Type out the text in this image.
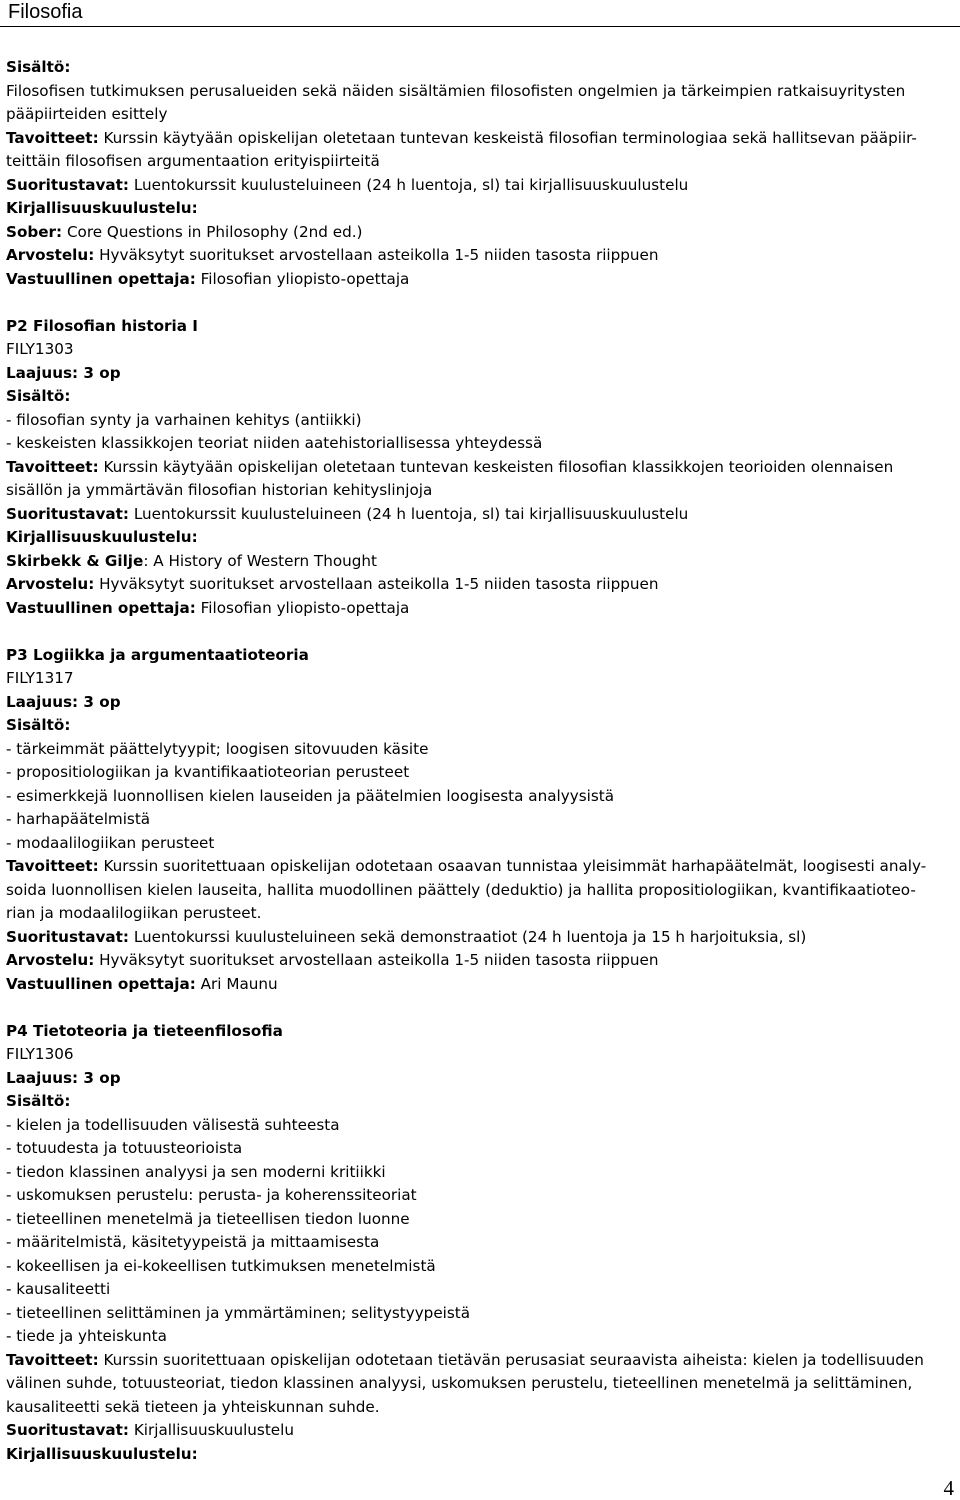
Filosofia
Sisältö:
Filosofisen tutkimuksen perusalueiden sekä näiden sisältämien filosofisten ongelmien ja tärkeimpien ratkaisuyritysten
pääpiirteiden esittely
Tavoitteet: Kurssin käytyään opiskelijan oletetaan tuntevan keskeistä filosofian terminologiaa sekä hallitsevan pääpiir-
teittäin filosofisen argumentaation erityispiirteitä
Suoritustavat: Luentokurssit kuulusteluineen (24 h luentoja, sl) tai kirjallisuuskuulustelu
Kirjallisuuskuulustelu:
Sober: Core Questions in Philosophy (2nd ed.)
Arvostelu: Hyväksytyt suoritukset arvostellaan asteikolla 1-5 niiden tasosta riippuen
Vastuullinen opettaja: Filosofian yliopisto-opettaja
P2 Filosofian historia I
FILY1303
Laajuus: 3 op
Sisältö:
- filosofian synty ja varhainen kehitys (antiikki)
- keskeisten klassikkojen teoriat niiden aatehistoriallisessa yhteydessä
Tavoitteet: Kurssin käytyään opiskelijan oletetaan tuntevan keskeisten filosofian klassikkojen teorioiden olennaisen
sisällön ja ymmärtävän filosofian historian kehityslinjoja
Suoritustavat: Luentokurssit kuulusteluineen (24 h luentoja, sl) tai kirjallisuuskuulustelu
Kirjallisuuskuulustelu:
Skirbekk & Gilje: A History of Western Thought
Arvostelu: Hyväksytyt suoritukset arvostellaan asteikolla 1-5 niiden tasosta riippuen
Vastuullinen opettaja: Filosofian yliopisto-opettaja
P3 Logiikka ja argumentaatioteoria
FILY1317
Laajuus: 3 op
Sisältö:
- tärkeimmät päättelytyypit; loogisen sitovuuden käsite
- propositiologiikan ja kvantifikaatioteorian perusteet
- esimerkkejä luonnollisen kielen lauseiden ja päätelmien loogisesta analyysistä
- harhapäätelmistä
- modaalilogiikan perusteet
Tavoitteet: Kurssin suoritettuaan opiskelijan odotetaan osaavan tunnistaa yleisimmät harhapäätelmät, loogisesti analy-
soida luonnollisen kielen lauseita, hallita muodollinen päättely (deduktio) ja hallita propositiologiikan, kvantifikaatioteo-
rian ja modaalilogiikan perusteet.
Suoritustavat: Luentokurssi kuulusteluineen sekä demonstraatiot (24 h luentoja ja 15 h harjoituksia, sl)
Arvostelu: Hyväksytyt suoritukset arvostellaan asteikolla 1-5 niiden tasosta riippuen
Vastuullinen opettaja: Ari Maunu
P4 Tietoteoria ja tieteenfilosofia
FILY1306
Laajuus: 3 op
Sisältö:
- kielen ja todellisuuden välisestä suhteesta
- totuudesta ja totuusteorioista
- tiedon klassinen analyysi ja sen moderni kritiikki
- uskomuksen perustelu: perusta- ja koherenssiteoriat
- tieteellinen menetelmä ja tieteellisen tiedon luonne
- määritelmistä, käsitetyypeistä ja mittaamisesta
- kokeellisen ja ei-kokeellisen tutkimuksen menetelmistä
- kausaliteetti
- tieteellinen selittäminen ja ymmärtäminen; selitystyypeistä
- tiede ja yhteiskunta
Tavoitteet: Kurssin suoritettuaan opiskelijan odotetaan tietävän perusasiat seuraavista aiheista: kielen ja todellisuuden
välinen suhde, totuusteoriat, tiedon klassinen analyysi, uskomuksen perustelu, tieteellinen menetelmä ja selittäminen,
kausaliteetti sekä tieteen ja yhteiskunnan suhde.
Suoritustavat: Kirjallisuuskuulustelu
Kirjallisuuskuulustelu:
4
